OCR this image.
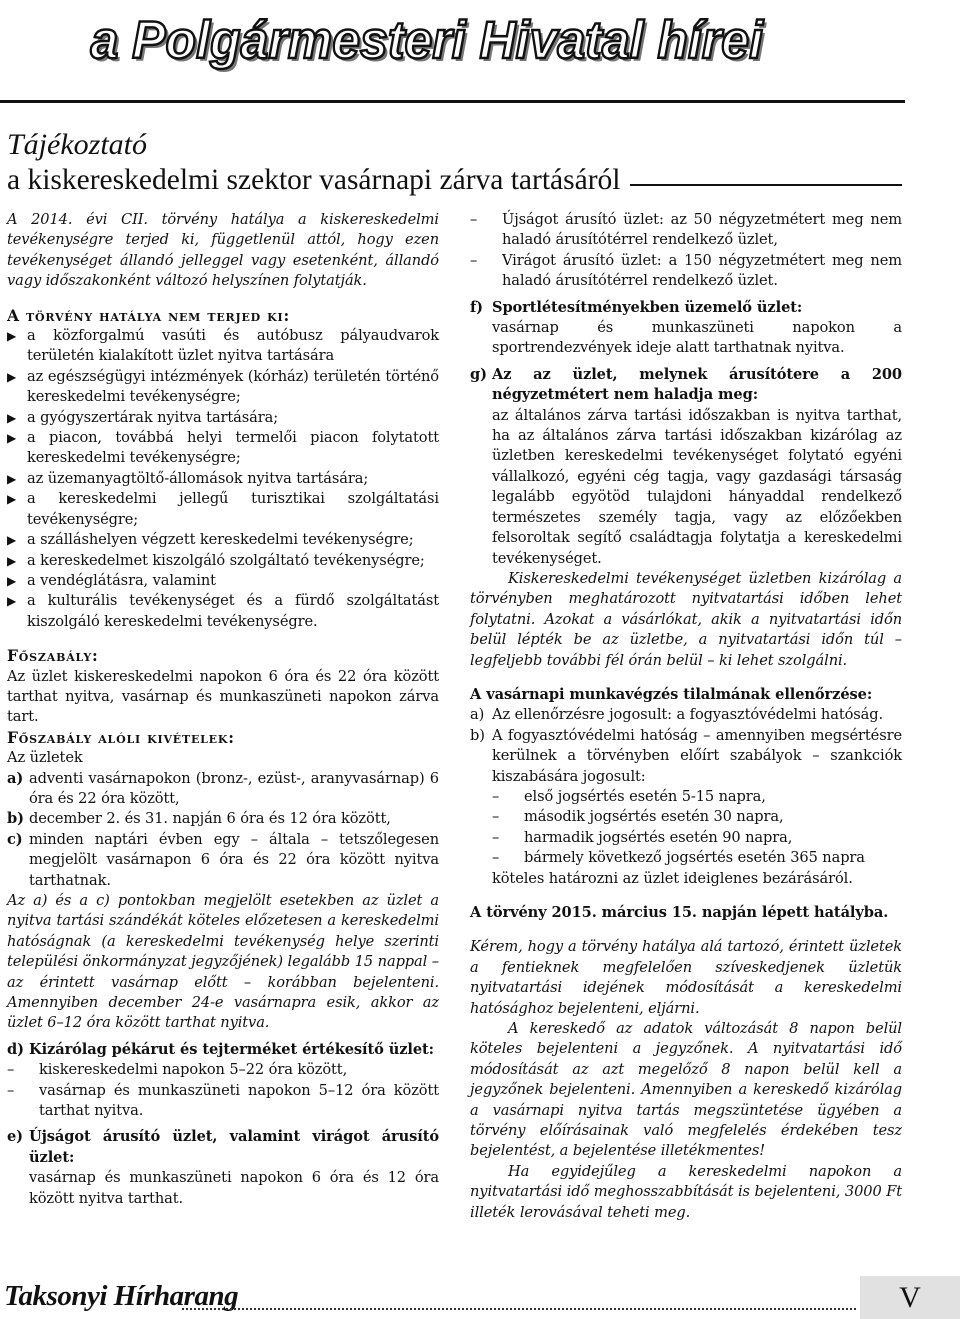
a Polgármesteri Hivatal hírei
Tájékoztató
a kiskereskedelmi szektor vasárnapi zárva tartásáról

A 2014. évi CII. törvény hatálya a kiskereskedelmi tevékenységre terjed ki, függetlenül attól, hogy ezen tevékenységet állandó jelleggel vagy esetenként, állandó vagy időszakonként változó helyszínen folytatják.

A törvény hatálya nem terjed ki:

▶ a közforgalmú vasúti és autóbusz pályaudvarok területén kialakított üzlet nyitva tartására
▶ az egészségügyi intézmények (kórház) területén történő kereskedelmi tevékenységre;
▶ a gyógyszertárak nyitva tartására;
▶ a piacon, továbbá helyi termelői piacon folytatott kereskedelmi tevékenységre;
▶ az üzemanyagtöltő-állomások nyitva tartására;
▶ a kereskedelmi jellegű turisztikai szolgáltatási tevékenységre;
▶ a szálláshelyen végzett kereskedelmi tevékenységre;
▶ a kereskedelmet kiszolgáló szolgáltató tevékenységre;
▶ a vendéglátásra, valamint
▶ a kulturális tevékenységet és a fürdő szolgáltatást kiszolgáló kereskedelmi tevékenységre.

Főszabály:

Az üzlet kiskereskedelmi napokon 6 óra és 22 óra között tarthat nyitva, vasárnap és munkaszüneti napokon zárva tart.

Főszabály alóli kivételek:

Az üzletek

a) adventi vasárnapokon (bronz-, ezüst-, aranyvasárnap) 6 óra és 22 óra között,
b) december 2. és 31. napján 6 óra és 12 óra között,
c) minden naptári évben egy – általa – tetszőlegesen megjelölt vasárnapon 6 óra és 22 óra között nyitva tarthatnak.

Az a) és a c) pontokban megjelölt esetekben az üzlet a nyitva tartási szándékát köteles előzetesen a kereskedelmi hatóságnak (a kereskedelmi tevékenység helye szerinti települési önkormányzat jegyzőjének) legalább 15 nappal – az érintett vasárnap előtt – korábban bejelenteni. Amennyiben december 24-e vasárnapra esik, akkor az üzlet 6–12 óra között tarthat nyitva.

d) Kizárólag pékárut és tejterméket értékesítő üzlet:
–	kiskereskedelmi napokon 5–22 óra között,
–	vasárnap és munkaszüneti napokon 5–12 óra között tarthat nyitva.
e) Újságot árusító üzlet, valamint virágot árusító üzlet:

vasárnap és munkaszüneti napokon 6 óra és 12 óra között nyitva tarthat.

–	Újságot árusító üzlet: az 50 négyzetmétert meg nem haladó árusítótérrel rendelkező üzlet,
–	Virágot árusító üzlet: a 150 négyzetmétert meg nem haladó árusítótérrel rendelkező üzlet.
f) Sportlétesítményekben üzemelő üzlet:

vasárnap és munkaszüneti napokon a sportrendezvények ideje alatt tarthatnak nyitva.

g) Az az üzlet, melynek árusítótere a 200 négyzetmétert nem haladja meg:

az általános zárva tartási időszakban is nyitva tarthat, ha az általános zárva tartási időszakban kizárólag az üzletben kereskedelmi tevékenységet folytató egyéni vállalkozó, egyéni cég tagja, vagy gazdasági társaság legalább egyötöd tulajdoni hányaddal rendelkező természetes személy tagja, vagy az előzőekben felsoroltak segítő családtagja folytatja a kereskedelmi tevékenységet.

Kiskereskedelmi tevékenységet üzletben kizárólag a törvényben meghatározott nyitvatartási időben lehet folytatni. Azokat a vásárlókat, akik a nyitvatartási időn belül lépték be az üzletbe, a nyitvatartási időn túl – legfeljebb további fél órán belül – ki lehet szolgálni.

A vasárnapi munkavégzés tilalmának ellenőrzése:

a) Az ellenőrzésre jogosult: a fogyasztóvédelmi hatóság.
b) A fogyasztóvédelmi hatóság – amennyiben megsértésre kerülnek a törvényben előírt szabályok – szankciók kiszabására jogosult:
–	első jogsértés esetén 5-15 napra,
–	második jogsértés esetén 30 napra,
–	harmadik jogsértés esetén 90 napra,
–	bármely következő jogsértés esetén 365 napra

köteles határozni az üzlet ideiglenes bezárásáról.

A törvény 2015. március 15. napján lépett hatályba.

Kérem, hogy a törvény hatálya alá tartozó, érintett üzletek a fentieknek megfelelően szíveskedjenek üzletük nyitvatartási idejének módosítását a kereskedelmi hatósághoz bejelenteni, eljárni.

A kereskedő az adatok változását 8 napon belül köteles bejelenteni a jegyzőnek. A nyitvatartási idő módosítását az azt megelőző 8 napon belül kell a jegyzőnek bejelenteni. Amennyiben a kereskedő kizárólag a vasárnapi nyitva tartás megszüntetése ügyében a törvény előírásainak való megfelelés érdekében tesz bejelentést, a bejelentése illetékmentes!

Ha egyidejűleg a kereskedelmi napokon a nyitvatartási idő meghosszabbítását is bejelenteni, 3000 Ft illeték lerovásával teheti meg.

Taksonyi Hírharang	V
